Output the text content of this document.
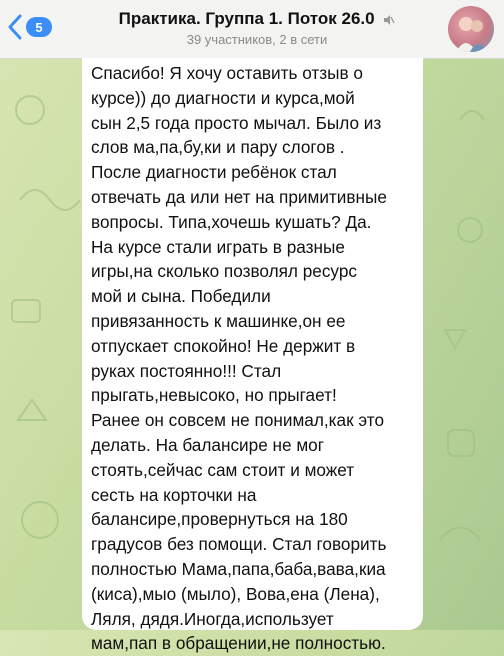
5	Практика. Группа 1. Поток 26.0
39 участников, 2 в сети
Спасибо! Я хочу оставить отзыв о
курсе)) до диагности и курса,мой
сын 2,5 года просто мычал. Было из
слов ма,па,бу,ки и пару слогов .
После диагности ребёнок стал
отвечать да или нет на примитивные
вопросы. Типа,хочешь кушать? Да.
На курсе стали играть в разные
игры,на сколько позволял ресурс
мой и сына. Победили
привязанность к машинке,он ее
отпускает спокойно! Не держит в
руках постоянно!!! Стал
прыгать,невысоко, но прыгает!
Ранее он совсем не понимал,как это
делать. На балансире не мог
стоять,сейчас сам стоит и может
сесть на корточки на
балансире,провернуться на 180
градусов без помощи. Стал говорить
полностью Мама,папа,баба,вава,киа
(киса),мыо (мыло), Вова,ена (Лена),
Ляля, дядя.Иногда,использует
мам,пап в обращении,не полностью.
